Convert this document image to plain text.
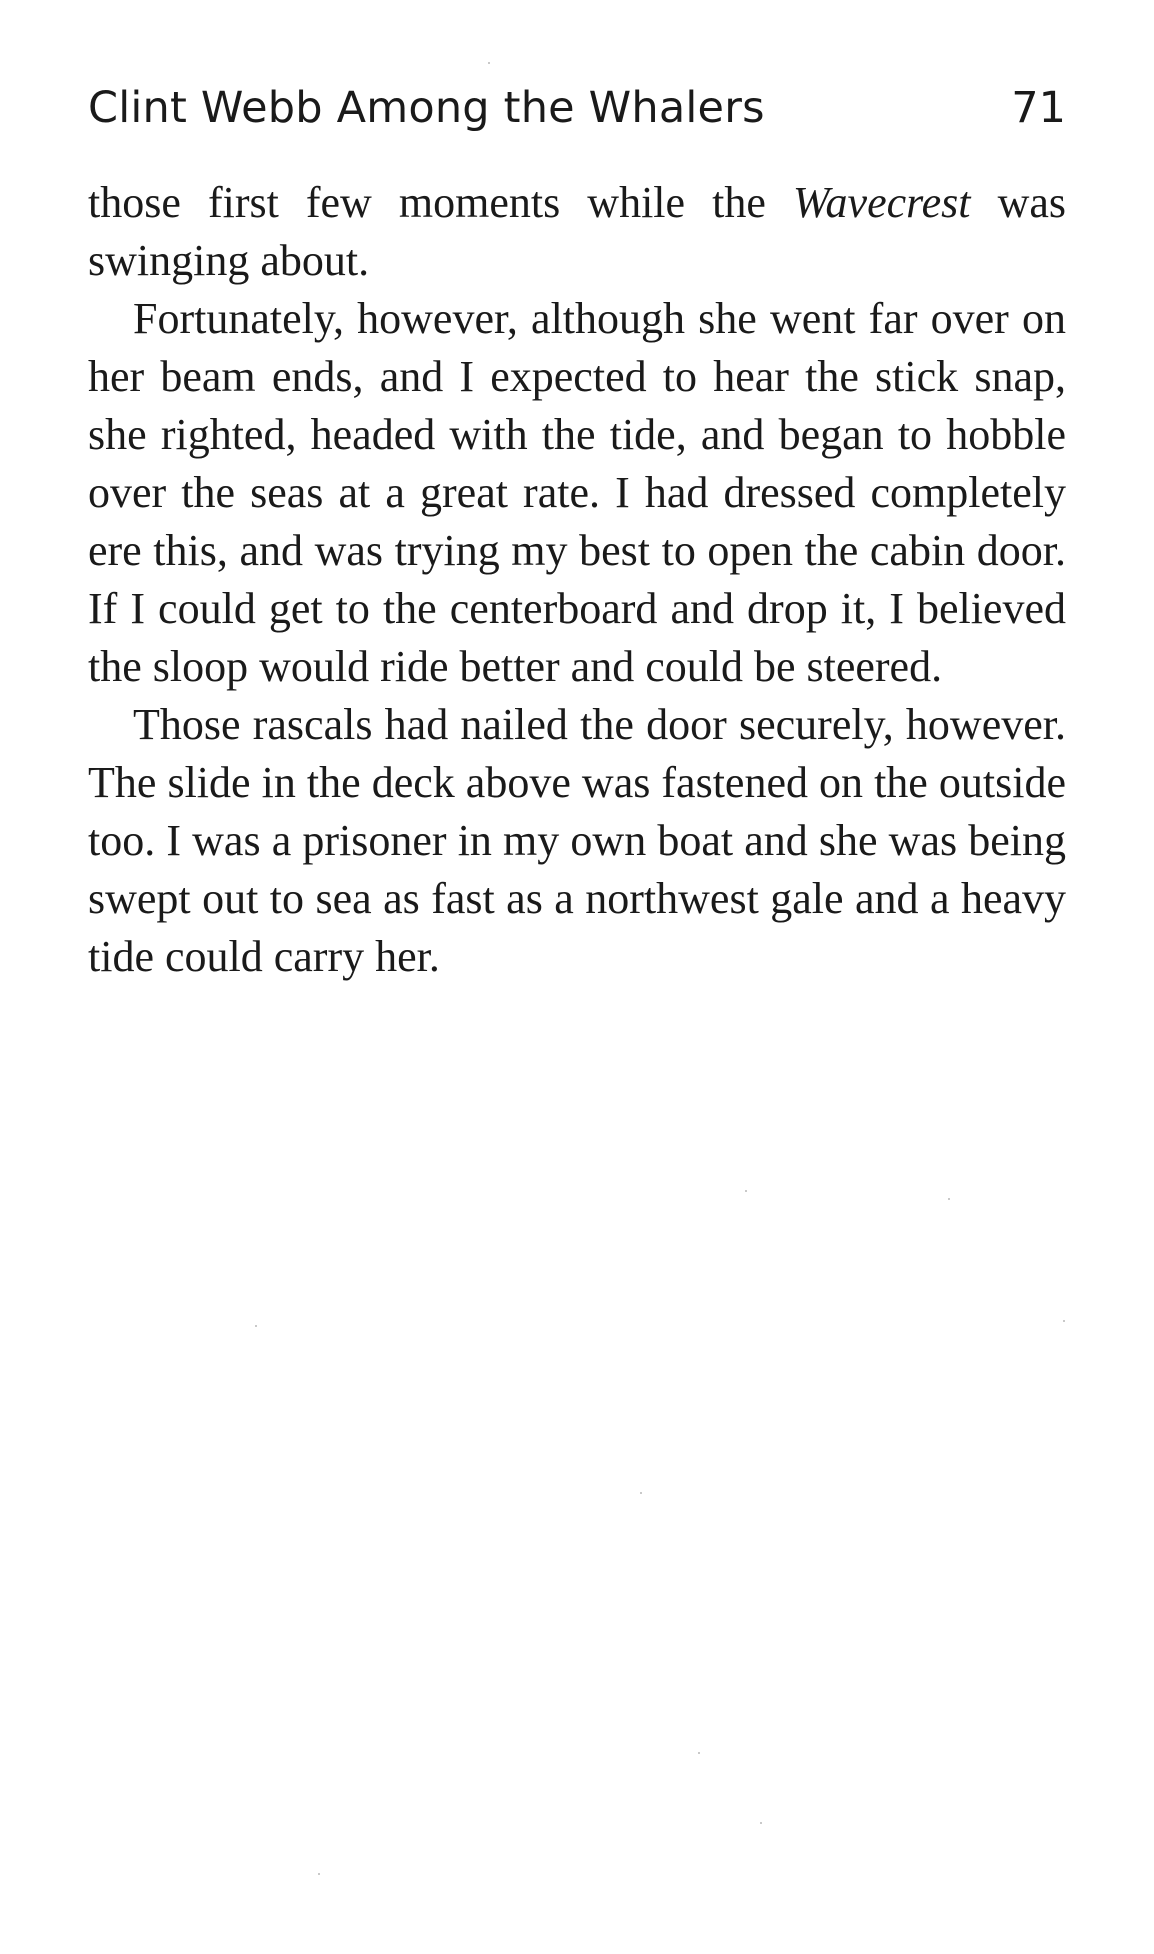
Clint Webb Among the Whalers	71

those first few moments while the Wavecrest was swinging about.

Fortunately, however, although she went far over on her beam ends, and I expected to hear the stick snap, she righted, headed with the tide, and began to hobble over the seas at a great rate. I had dressed completely ere this, and was trying my best to open the cabin door. If I could get to the centerboard and drop it, I believed the sloop would ride better and could be steered.

Those rascals had nailed the door securely, however. The slide in the deck above was fastened on the outside too. I was a prisoner in my own boat and she was being swept out to sea as fast as a northwest gale and a heavy tide could carry her.
